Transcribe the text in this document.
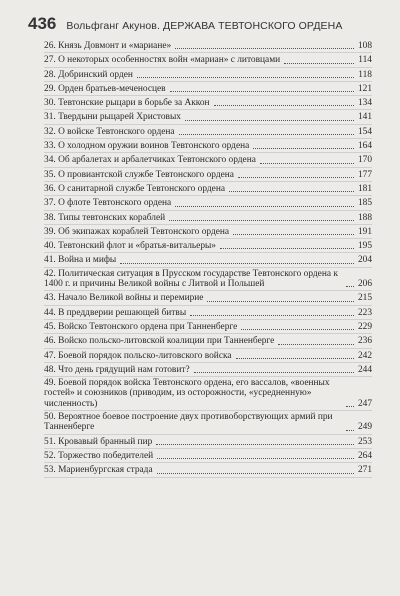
436 Вольфганг Акунов. ДЕРЖАВА ТЕВТОНСКОГО ОРДЕНА
26. Князь Довмонт и «мариане»	108
27. О некоторых особенностях войн «мариан» с литовцами	114
28. Добринский орден	118
29. Орден братьев-меченосцев	121
30. Тевтонские рыцари в борьбе за Аккон	134
31. Твердыни рыцарей Христовых	141
32. О войске Тевтонского ордена	154
33. О холодном оружии воинов Тевтонского ордена	164
34. Об арбалетах и арбалетчиках Тевтонского ордена	170
35. О провиантской службе Тевтонского ордена	177
36. О санитарной службе Тевтонского ордена	181
37. О флоте Тевтонского ордена	185
38. Типы тевтонских кораблей	188
39. Об экипажах кораблей Тевтонского ордена	191
40. Тевтонский флот и «братья-витальеры»	195
41. Война и мифы	204
42. Политическая ситуация в Прусском государстве Тевтонского ордена к 1400 г. и причины Великой войны с Литвой и Польшей	206
43. Начало Великой войны и перемирие	215
44. В преддверии решающей битвы	223
45. Войско Тевтонского ордена при Танненберге	229
46. Войско польско-литовской коалиции при Танненберге	236
47. Боевой порядок польско-литовского войска	242
48. Что день грядущий нам готовит?	244
49. Боевой порядок войска Тевтонского ордена, его вассалов, «военных гостей» и союзников (приводим, из осторожности, «усредненную» численность)	247
50. Вероятное боевое построение двух противоборствующих армий при Танненберге	249
51. Кровавый бранный пир	253
52. Торжество победителей	264
53. Мариенбургская страда	271
